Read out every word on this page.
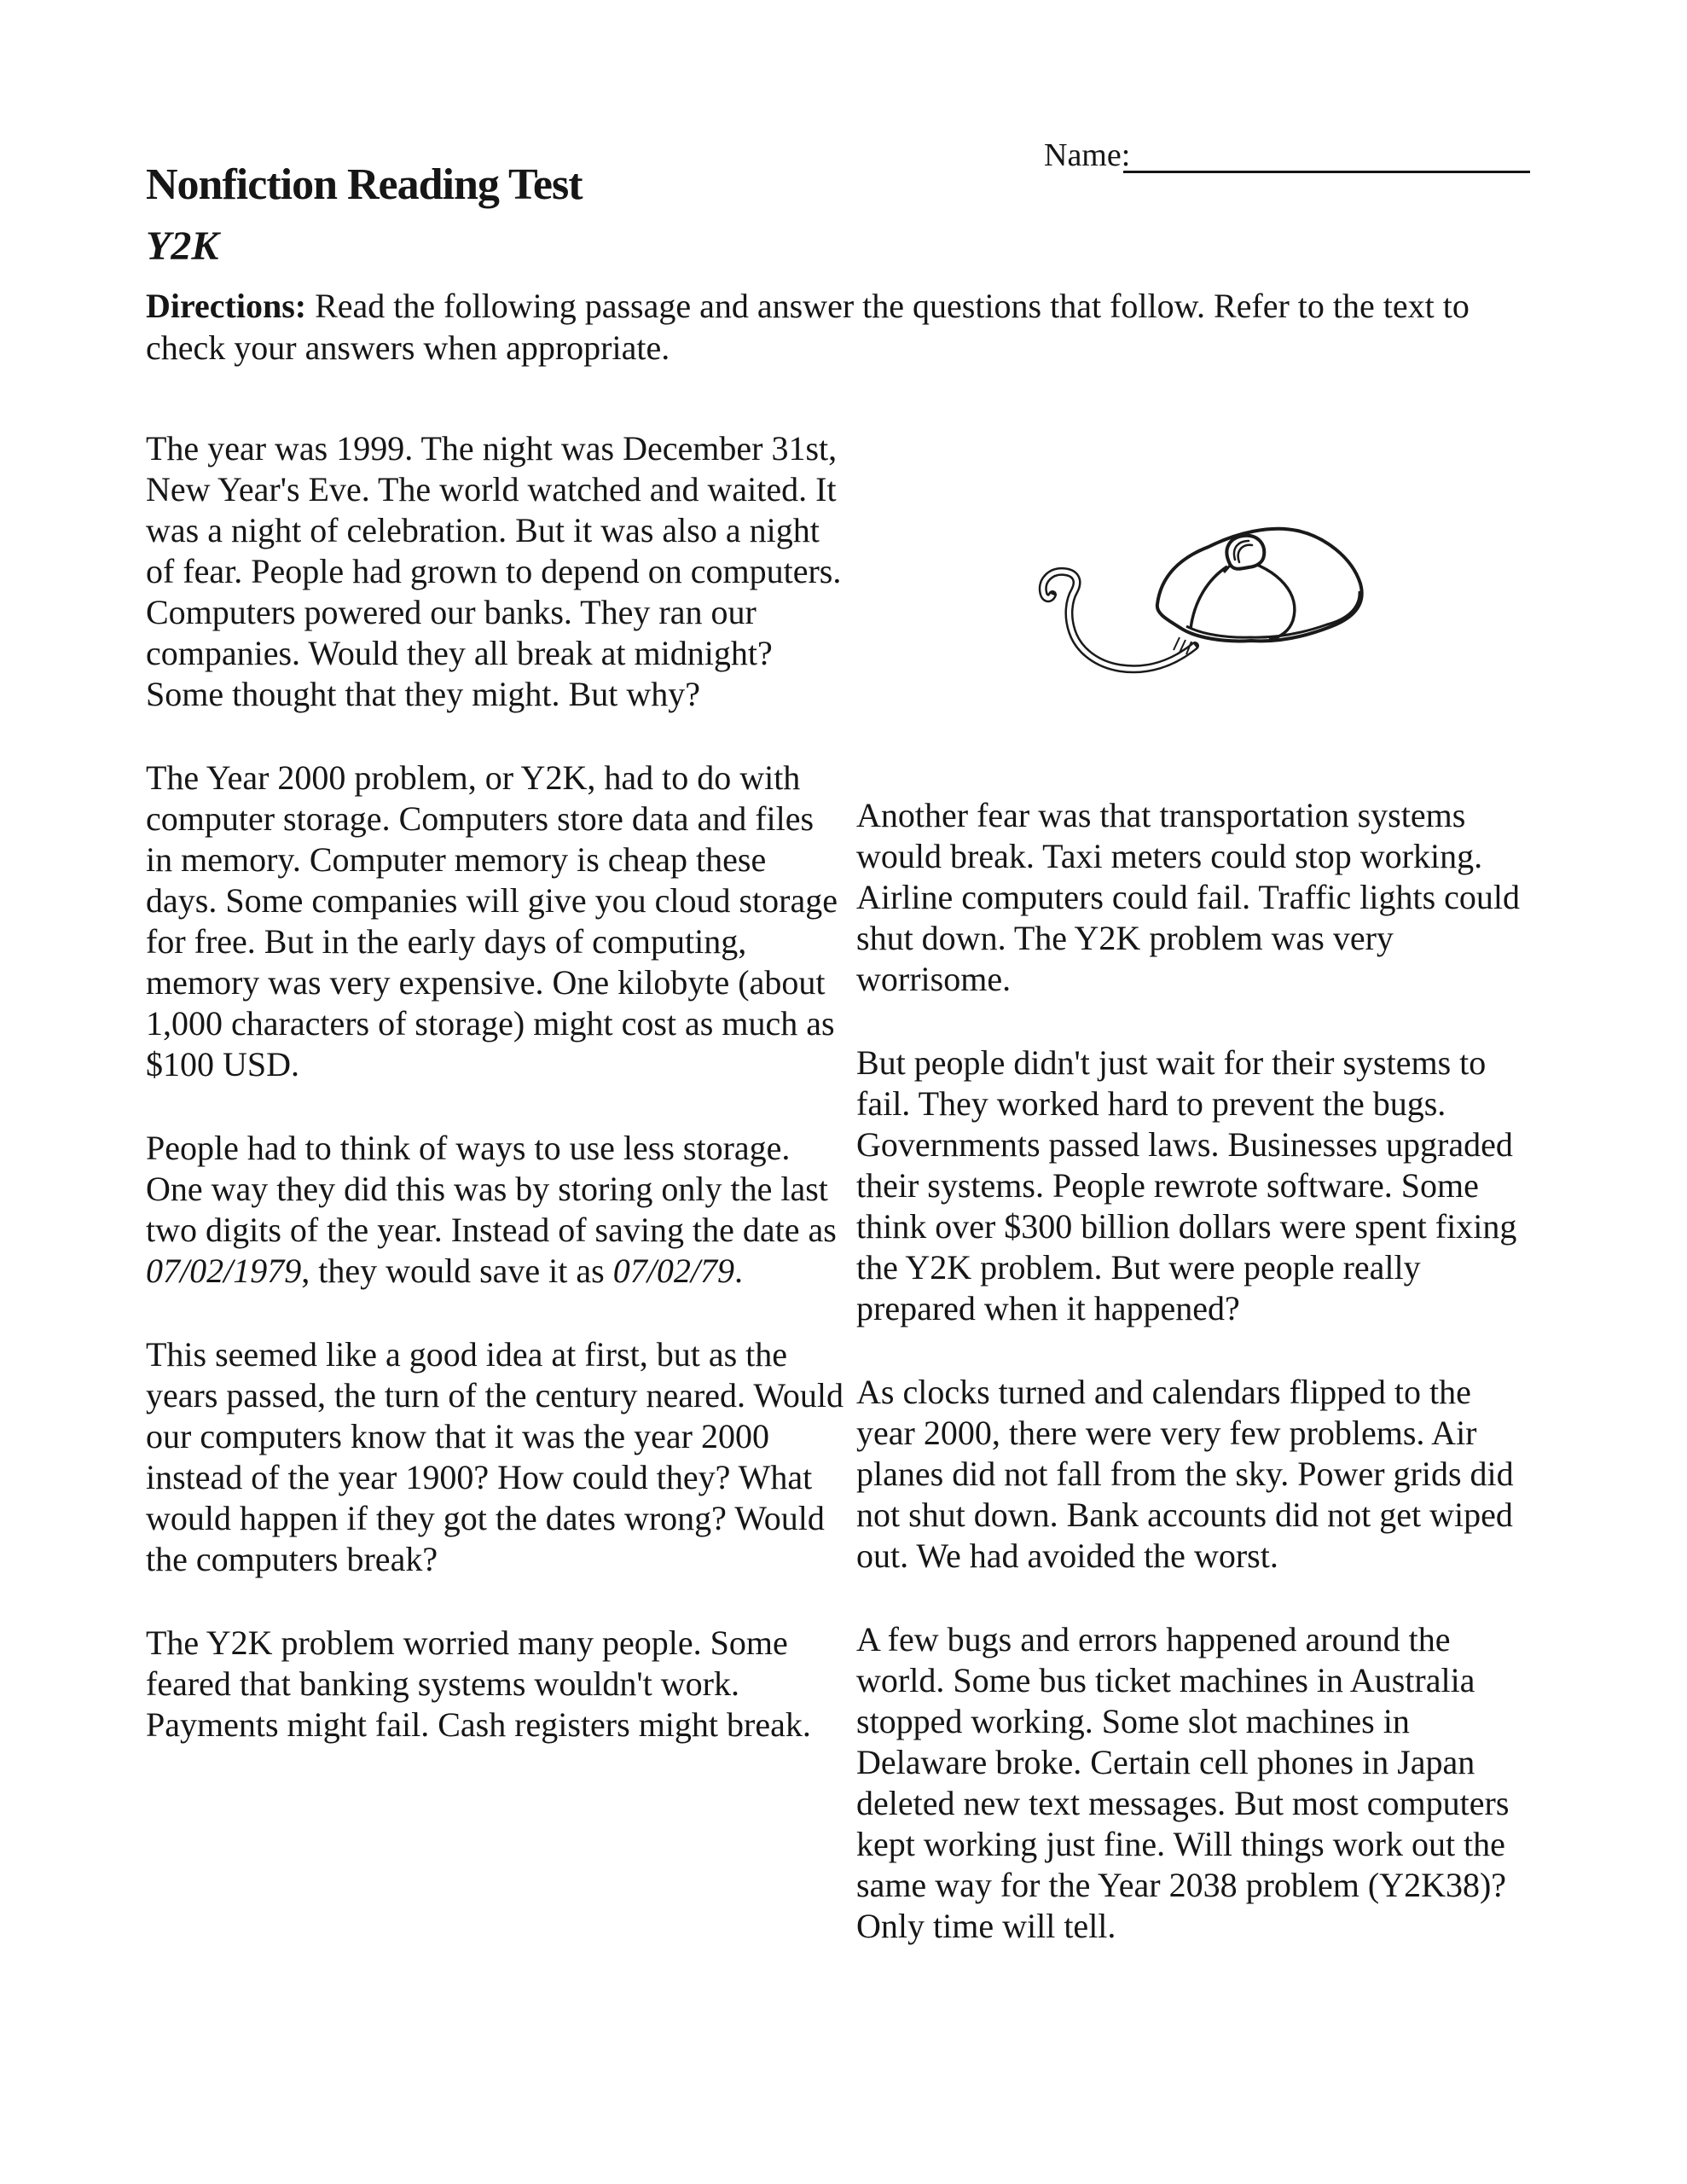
Name:
Nonfiction Reading Test
Y2K

Directions: Read the following passage and answer the questions that follow. Refer to the text to check your answers when appropriate.

The year was 1999. The night was December 31st, New Year's Eve. The world watched and waited. It was a night of celebration. But it was also a night of fear. People had grown to depend on computers. Computers powered our banks. They ran our companies. Would they all break at midnight? Some thought that they might. But why?

The Year 2000 problem, or Y2K, had to do with computer storage. Computers store data and files in memory. Computer memory is cheap these days. Some companies will give you cloud storage for free. But in the early days of computing, memory was very expensive. One kilobyte (about 1,000 characters of storage) might cost as much as $100 USD.

People had to think of ways to use less storage. One way they did this was by storing only the last two digits of the year. Instead of saving the date as 07/02/1979, they would save it as 07/02/79.

This seemed like a good idea at first, but as the years passed, the turn of the century neared. Would our computers know that it was the year 2000 instead of the year 1900? How could they? What would happen if they got the dates wrong? Would the computers break?

The Y2K problem worried many people. Some feared that banking systems wouldn't work. Payments might fail. Cash registers might break.

Another fear was that transportation systems would break. Taxi meters could stop working. Airline computers could fail. Traffic lights could shut down. The Y2K problem was very worrisome.

But people didn't just wait for their systems to fail. They worked hard to prevent the bugs. Governments passed laws. Businesses upgraded their systems. People rewrote software. Some think over $300 billion dollars were spent fixing the Y2K problem. But were people really prepared when it happened?

As clocks turned and calendars flipped to the year 2000, there were very few problems. Air planes did not fall from the sky. Power grids did not shut down. Bank accounts did not get wiped out. We had avoided the worst.

A few bugs and errors happened around the world. Some bus ticket machines in Australia stopped working. Some slot machines in Delaware broke. Certain cell phones in Japan deleted new text messages. But most computers kept working just fine. Will things work out the same way for the Year 2038 problem (Y2K38)? Only time will tell.
